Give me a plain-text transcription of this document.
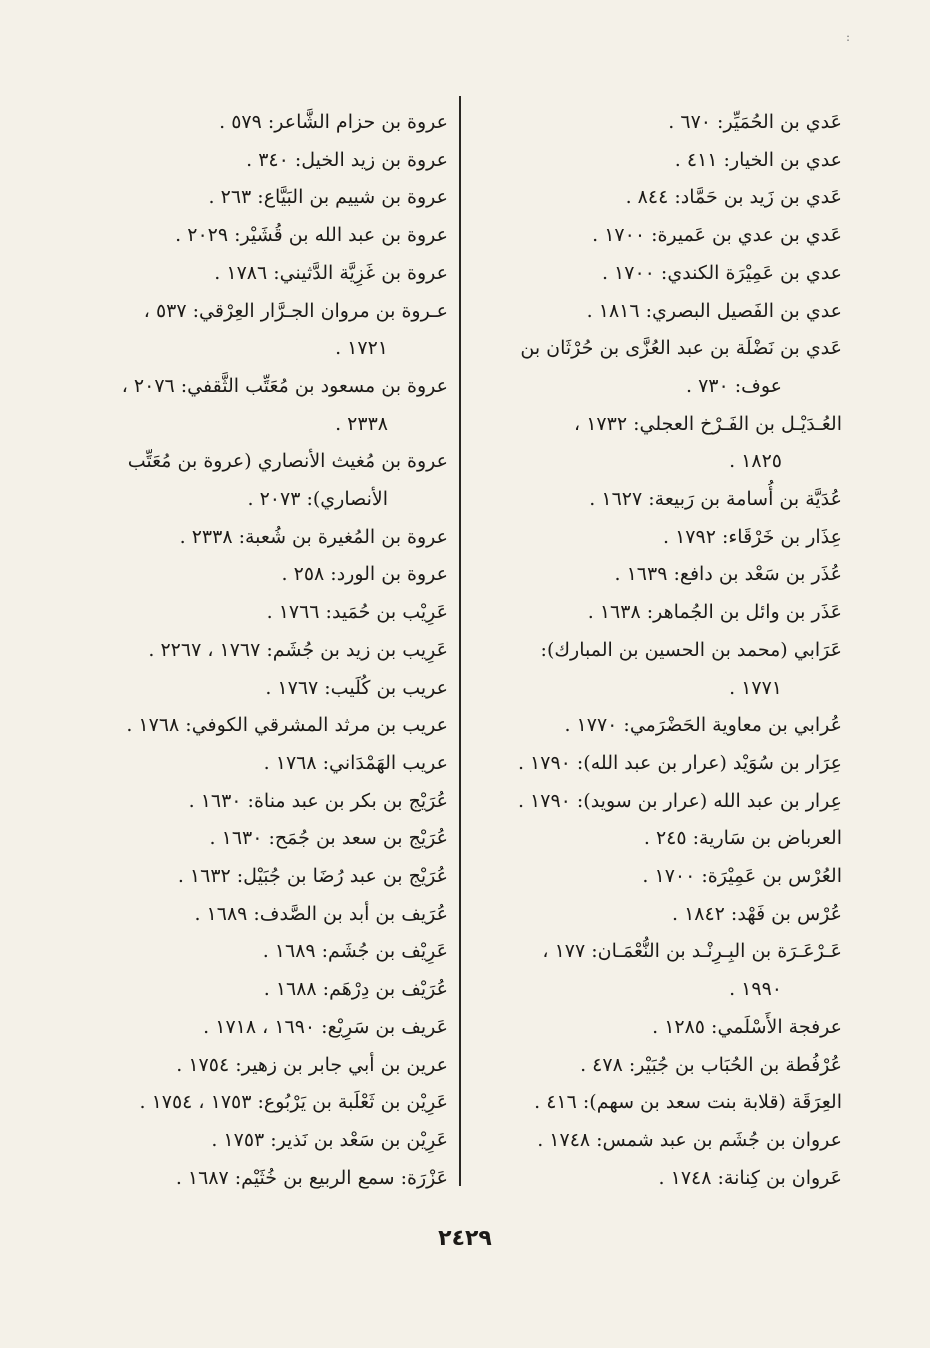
:
عَدي بن الحُمَيِّر: ٦٧٠ .
عدي بن الخيار: ٤١١ .
عَدي بن زَيد بن حَمَّاد: ٨٤٤ .
عَدي بن عدي بن عَميرة: ١٧٠٠ .
عدي بن عَمِيْرَة الكندي: ١٧٠٠ .
عدي بن الفَصيل البصري: ١٨١٦ .
عَدي بن نَضْلَة بن عبد العُزَّى بن حُرْثَان بن
عوف: ٧٣٠ .
العُـدَيْـل بن الفَـرْخ العجلي: ١٧٣٢ ،
١٨٢٥ .
عُدَيَّة بن أُسامة بن رَبيعة: ١٦٢٧ .
عِذَار بن خَرْقَاء: ١٧٩٢ .
عُذَر بن سَعْد بن دافع: ١٦٣٩ .
عَذَر بن وائل بن الجُماهر: ١٦٣٨ .
عَرَابي (محمد بن الحسين بن المبارك):
١٧٧١ .
عُرابي بن معاوية الحَضْرَمي: ١٧٧٠ .
عِرَار بن سُوَيْد (عرار بن عبد الله): ١٧٩٠ .
عِرار بن عبد الله (عرار بن سويد): ١٧٩٠ .
العرباض بن سَارية: ٢٤٥ .
العُرْس بن عَمِيْرَة: ١٧٠٠ .
عُرْس بن فَهْد: ١٨٤٢ .
عَـرْعَـرَة بن البِـرِنْـد بن النُّعْمَـان: ١٧٧ ،
١٩٩٠ .
عرفجة الأَسْلَمي: ١٢٨٥ .
عُرْفُطة بن الحُبَاب بن جُبَيْر: ٤٧٨ .
العِرَقَة (قلابة بنت سعد بن سهم): ٤١٦ .
عروان بن جُشَم بن عبد شمس: ١٧٤٨ .
عَروان بن كِنانة: ١٧٤٨ .
عروة بن حزام الشَّاعر: ٥٧٩ .
عروة بن زيد الخيل: ٣٤٠ .
عروة بن شييم بن البَيَّاع: ٢٦٣ .
عروة بن عبد الله بن قُشَيْر: ٢٠٢٩ .
عروة بن غَزِيَّة الدَّثيني: ١٧٨٦ .
عـروة بن مروان الجـرَّار العِرْقي: ٥٣٧ ،
١٧٢١ .
عروة بن مسعود بن مُعَتِّب الثَّقفي: ٢٠٧٦ ،
٢٣٣٨ .
عروة بن مُغيث الأنصاري (عروة بن مُعَتِّب
الأنصاري): ٢٠٧٣ .
عروة بن المُغيرة بن شُعبة: ٢٣٣٨ .
عروة بن الورد: ٢٥٨ .
عَرِيْب بن حُمَيد: ١٧٦٦ .
عَرِيب بن زيد بن جُشَم: ١٧٦٧ ، ٢٢٦٧ .
عريب بن كُلَيب: ١٧٦٧ .
عريب بن مرثد المشرقي الكوفي: ١٧٦٨ .
عريب الهَمْدَاني: ١٧٦٨ .
عُرَيْج بن بكر بن عبد مناة: ١٦٣٠ .
عُرَيْج بن سعد بن جُمَح: ١٦٣٠ .
عُرَيْج بن عبد رُضَا بن جُبَيْل: ١٦٣٢ .
عُرَيف بن أبد بن الصَّدف: ١٦٨٩ .
عَرِيْف بن جُشَم: ١٦٨٩ .
عُرَيْف بن دِرْهَم: ١٦٨٨ .
عَريف بن سَرِيْع: ١٦٩٠ ، ١٧١٨ .
عرين بن أبي جابر بن زهير: ١٧٥٤ .
عَرِيْن بن ثَعْلَبة بن يَرْبُوع: ١٧٥٣ ، ١٧٥٤ .
عَرِيْن بن سَعْد بن نَذير: ١٧٥٣ .
عَزْرَة: سمع الربيع بن خُثَيْم: ١٦٨٧ .
٢٤٢٩
